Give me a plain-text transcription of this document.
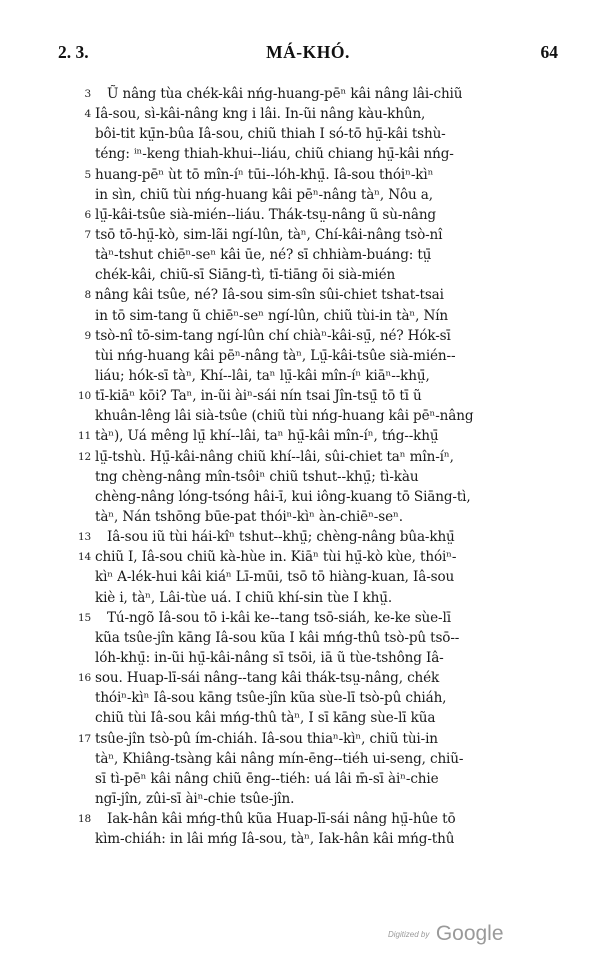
2. 3.	MÁ-KHÓ.	64
3 Ũ nâng tùa chék-kâi nńg-huang-pēⁿ kâi nâng lâi-chiũ
4 Iâ-sou, sì-kâi-nâng kng i lâi. In-ũi nâng kàu-khûn,
bôi-tit kṳ̄n-bûa Iâ-sou, chiũ thiah I só-tō hṳ̄-kâi tshù-
téng: ⁱⁿ-keng thiah-khui--liáu, chiũ chiang hṳ̄-kâi nńg-
5 huang-pēⁿ ùt tō mîn-íⁿ tūi--lóh-khṳ̄. Iâ-sou thóiⁿ-kìⁿ
in sìn, chiũ tùi nńg-huang kâi pēⁿ-nâng tàⁿ, Nôu a,
6 lṳ̄-kâi-tsûe sià-mién--liáu. Thák-tsṳ-nâng ũ sù-nâng
7 tsō tō-hṳ̄-kò, sim-lãi ngí-lûn, tàⁿ, Chí-kâi-nâng tsò-nî
tàⁿ-tshut chiēⁿ-seⁿ kâi ūe, né? sī chhiàm-buáng: tṳ̄
chék-kâi, chiũ-sī Siāng-tì, tī-tiāng ōi sià-mién
8 nâng kâi tsûe, né? Iâ-sou sim-sîn sûi-chiet tshat-tsai
in tō sim-tang ũ chiēⁿ-seⁿ ngí-lûn, chiũ tùi-in tàⁿ, Nín
9 tsò-nî tō-sim-tang ngí-lûn chí chiàⁿ-kâi-sṳ̄, né? Hók-sī
tùi nńg-huang kâi pēⁿ-nâng tàⁿ, Lṳ̄-kâi-tsûe sià-mién--
liáu; hók-sī tàⁿ, Khí--lâi, taⁿ lṳ̄-kâi mîn-íⁿ kiāⁿ--khṳ̄,
10 tī-kiāⁿ kōi? Taⁿ, in-ũi àiⁿ-sái nín tsai Jîn-tsṳ̄ tō tī ũ
khuân-lêng lâi sià-tsûe (chiũ tùi nńg-huang kâi pēⁿ-nâng
11 tàⁿ), Uá mêng lṳ̄ khí--lâi, taⁿ hṳ̄-kâi mîn-íⁿ, tńg--khṳ̄
12 lṳ̄-tshù. Hṳ̄-kâi-nâng chiũ khí--lâi, sûi-chiet taⁿ mîn-íⁿ,
tng chèng-nâng mîn-tsôiⁿ chiũ tshut--khṳ̄; tì-kàu
chèng-nâng lóng-tsóng hâi-ī, kui iông-kuang tō Siāng-tì,
tàⁿ, Nán tshōng būe-pat thóiⁿ-kìⁿ àn-chiēⁿ-seⁿ.
13 Iâ-sou iũ tùi hái-kîⁿ tshut--khṳ̄; chèng-nâng bûa-khṳ̄
14 chiũ I, Iâ-sou chiũ kà-hùe in. Kiāⁿ tùi hṳ̄-kò kùe, thóiⁿ-
kìⁿ A-lék-hui kâi kiáⁿ Lī-mūi, tsō tō hiàng-kuan, Iâ-sou
kiè i, tàⁿ, Lâi-tùe uá. I chiũ khí-sin tùe I khṳ̄.
15 Tú-ngõ Iâ-sou tō i-kâi ke--tang tsō-siáh, ke-ke sùe-lī
kũa tsûe-jîn kāng Iâ-sou kũa I kâi mńg-thû tsò-pû tsō--
lóh-khṳ̄: in-ũi hṳ̄-kâi-nâng sī tsōi, iā ũ tùe-tshông Iâ-
16 sou. Huap-lī-sái nâng--tang kâi thák-tsṳ-nâng, chék
thóiⁿ-kìⁿ Iâ-sou kāng tsûe-jîn kũa sùe-lī tsò-pû chiáh,
chiũ tùi Iâ-sou kâi mńg-thû tàⁿ, I sī kāng sùe-lī kũa
17 tsûe-jîn tsò-pû ím-chiáh. Iâ-sou thiaⁿ-kìⁿ, chiũ tùi-in
tàⁿ, Khiâng-tsàng kâi nâng mín-ēng--tiéh ui-seng, chiũ-
sī tì-pēⁿ kâi nâng chiũ ēng--tiéh: uá lâi m̄-sī àiⁿ-chie
ngī-jîn, zûi-sī àiⁿ-chie tsûe-jîn.
18 Iak-hân kâi mńg-thû kũa Huap-lī-sái nâng hṳ̄-hûe tō
kìm-chiáh: in lâi mńg Iâ-sou, tàⁿ, Iak-hân kâi mńg-thû
Digitized by Google
